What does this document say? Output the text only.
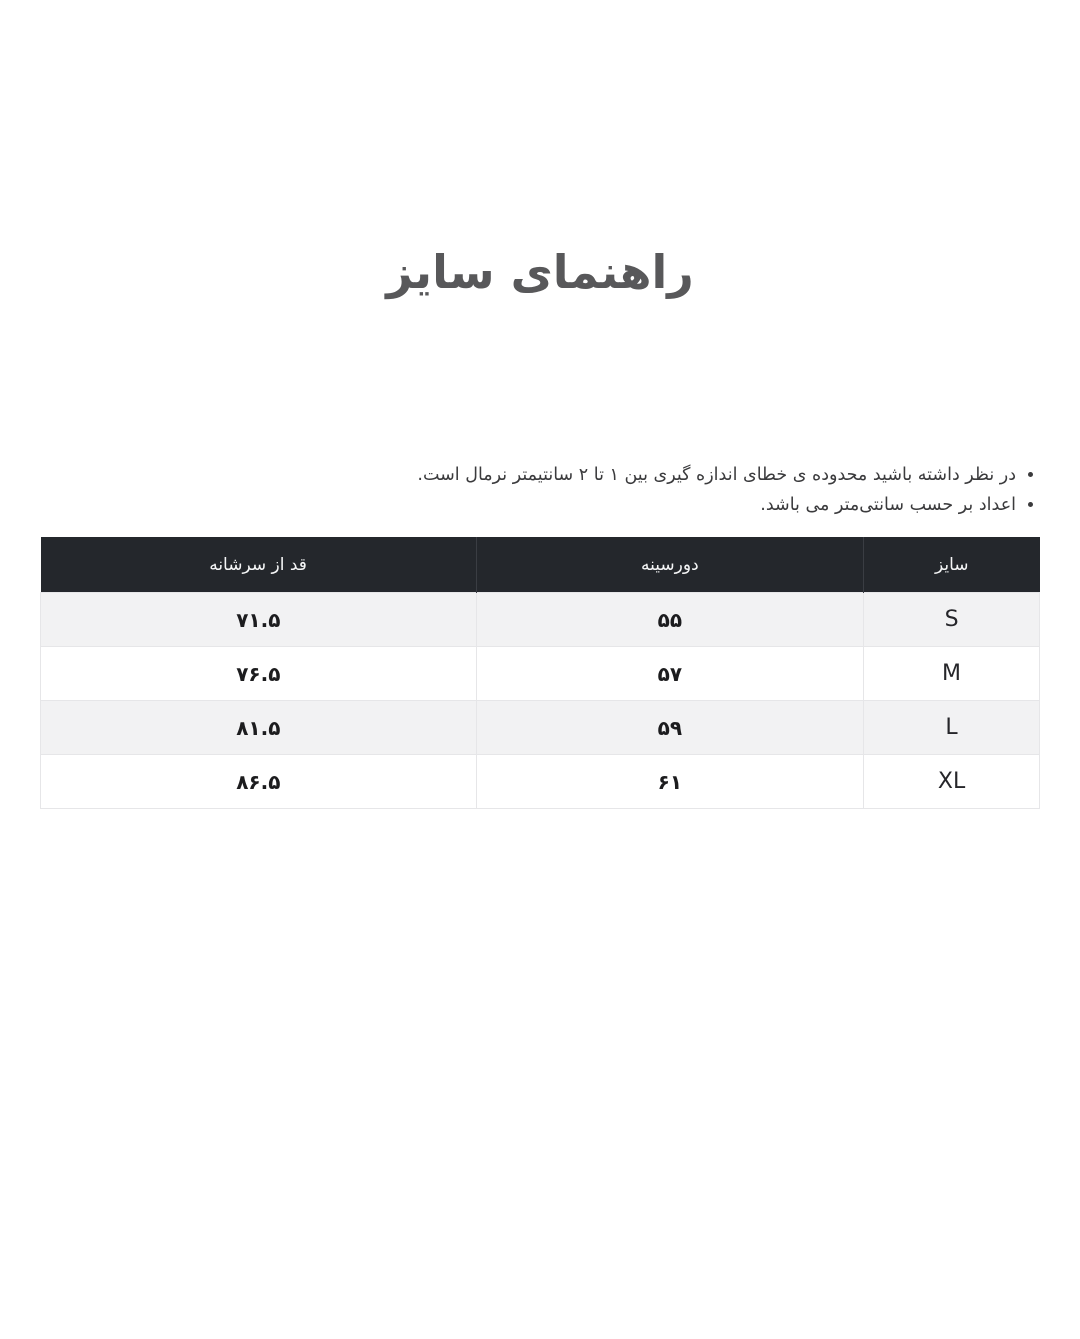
راهنمای سایز
• در نظر داشته باشید محدوده ی خطای اندازه گیری بین ۱ تا ۲ سانتیمتر نرمال است.
• اعداد بر حسب سانتی‌متر می باشد.
سایز	دورسینه	قد از سرشانه
S	۵۵	۷۱.۵
M	۵۷	۷۶.۵
L	۵۹	۸۱.۵
XL	۶۱	۸۶.۵
